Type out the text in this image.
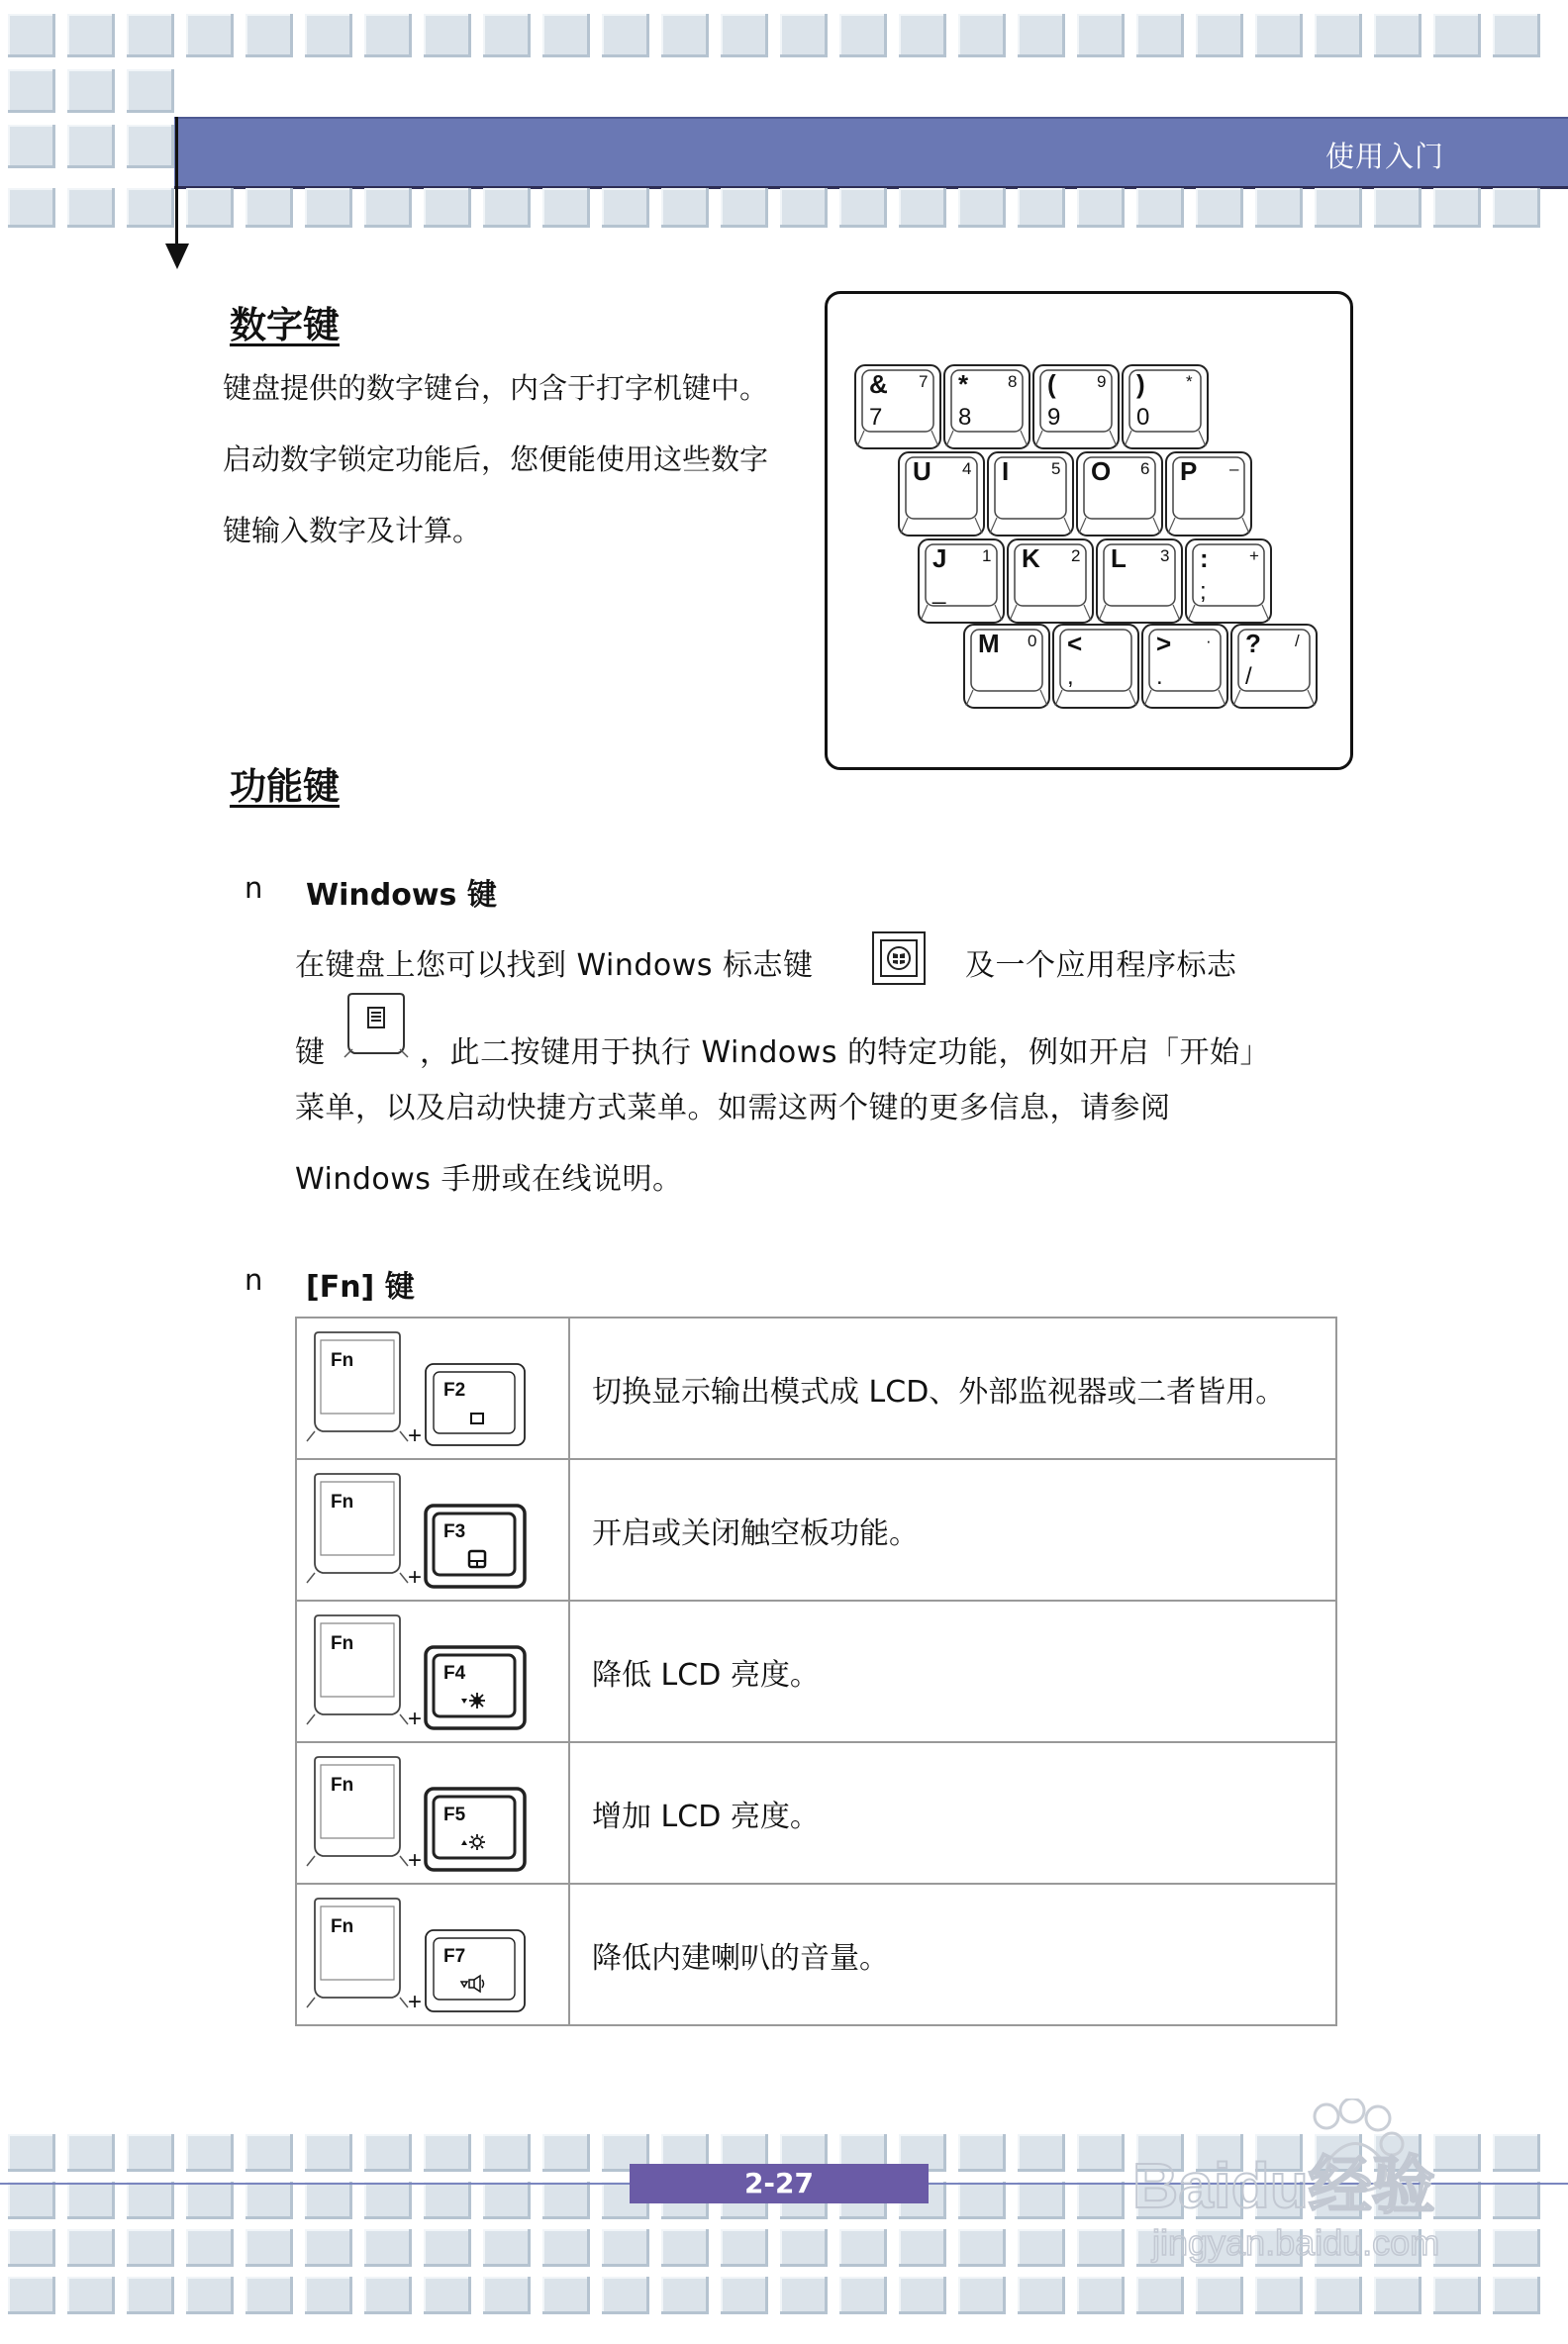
使用入门
数字键
键盘提供的数字键台，内含于打字机键中。
启动数字锁定功能后，您便能使用这些数字
键输入数字及计算。
& 7
7
* 8
8
( 9
9
) *
0
U 4 I	5 O 6 P –
J 1
_
K 2 L 3 : +
;
M 0 <
,
> ·
.
? /
/
功能键
n Windows 键
在键盘上您可以找到 Windows 标志键	及一个应用程序标志
键	，此二按键用于执行 Windows 的特定功能，例如开启「开始」
菜单，以及启动快捷方式菜单。如需这两个键的更多信息，请参阅
Windows 手册或在线说明。
n [Fn] 键
Fn
+
F2	切换显示输出模式成 LCD、外部监视器或二者皆用。

Fn
+
F3	开启或关闭触空板功能。

Fn
+
F4	降低 LCD 亮度。

Fn
+
F5	增加 LCD 亮度。

Fn
+
F7	降低内建喇叭的音量。
2-27	Baidu经验
jingyan.baidu.com
